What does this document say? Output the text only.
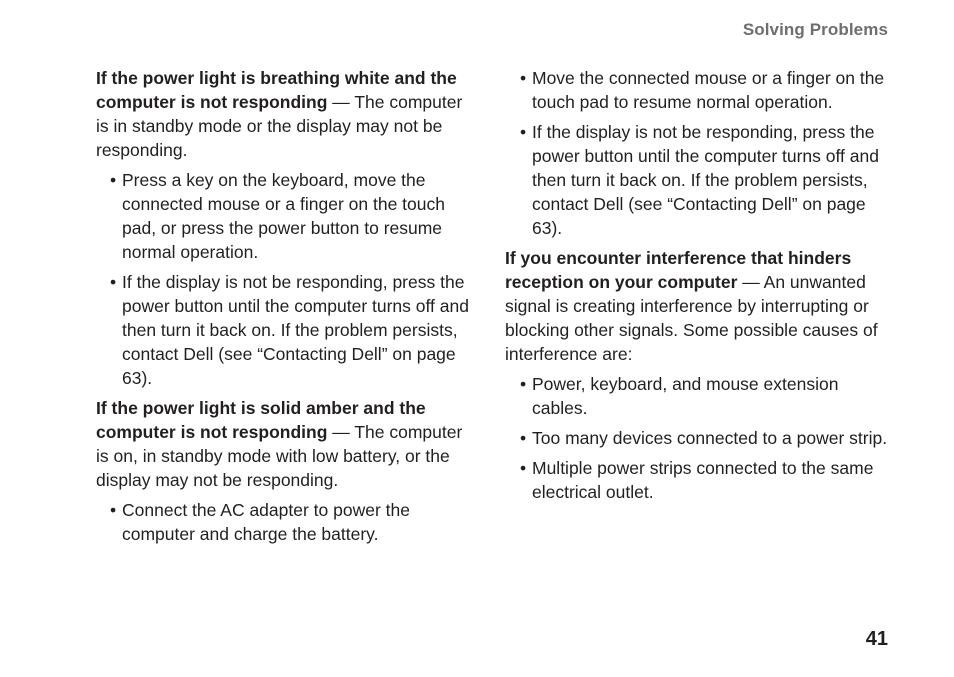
Solving Problems

If the power light is breathing white and the computer is not responding — The computer is in standby mode or the display may not be responding.

• Press a key on the keyboard, move the connected mouse or a finger on the touch pad, or press the power button to resume normal operation.
• If the display is not be responding, press the power button until the computer turns off and then turn it back on. If the problem persists, contact Dell (see “Contacting Dell” on page 63).

If the power light is solid amber and the computer is not responding — The computer is on, in standby mode with low battery, or the display may not be responding.

• Connect the AC adapter to power the computer and charge the battery.
• Move the connected mouse or a finger on the touch pad to resume normal operation.
• If the display is not be responding, press the power button until the computer turns off and then turn it back on. If the problem persists, contact Dell (see “Contacting Dell” on page 63).

If you encounter interference that hinders reception on your computer — An unwanted signal is creating interference by interrupting or blocking other signals. Some possible causes of interference are:

• Power, keyboard, and mouse extension cables.
• Too many devices connected to a power strip.
• Multiple power strips connected to the same electrical outlet.
41
